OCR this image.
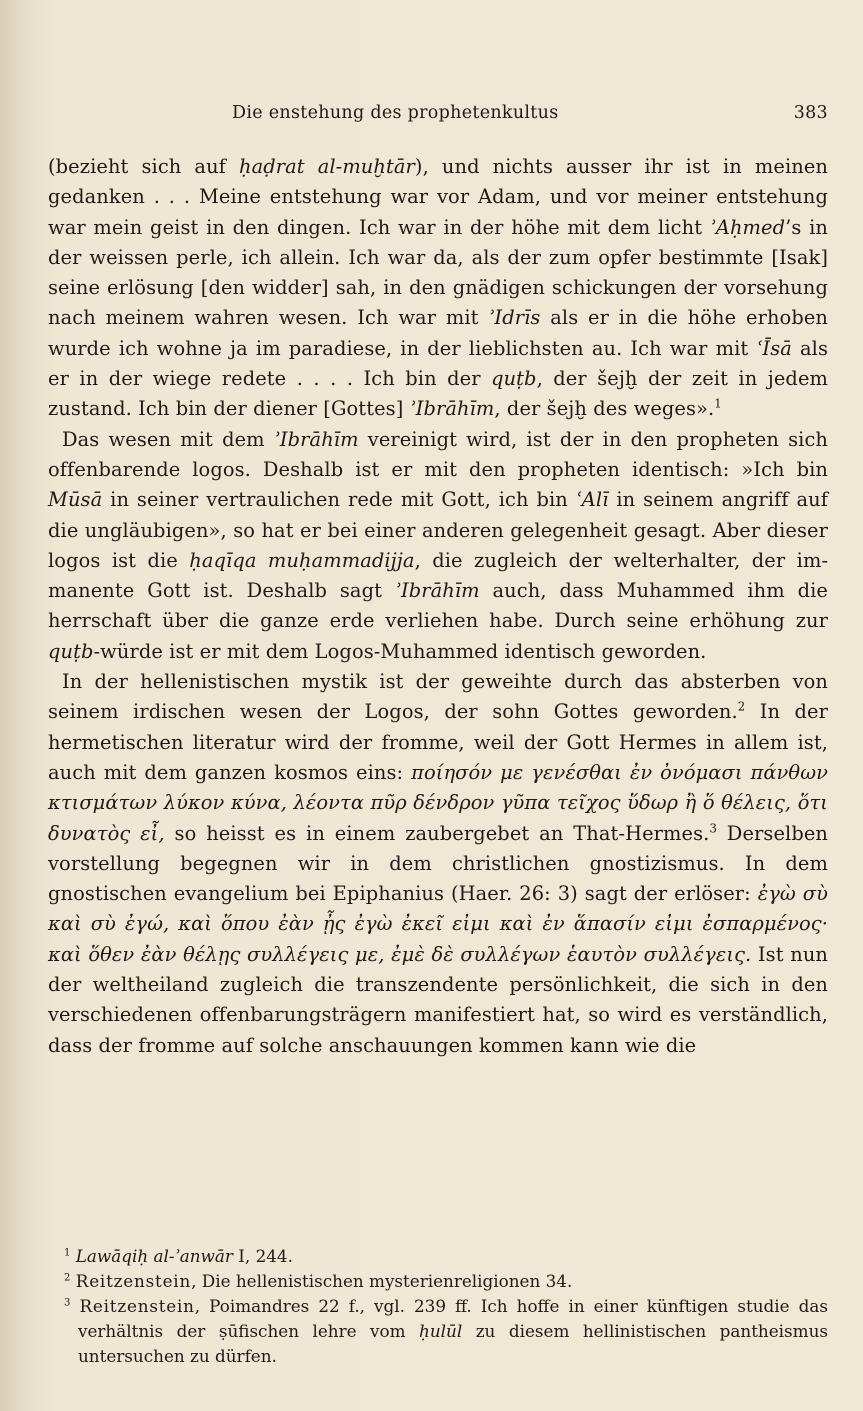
Die enstehung des prophetenkultus	383

(bezieht sich auf ḥaḍrat al-muḫtār), und nichts ausser ihr ist in meinen gedanken . . . Meine entstehung war vor Adam, und vor meiner entstehung war mein geist in den dingen. Ich war in der höhe mit dem licht ʾAḥmed’s in der weissen perle, ich allein. Ich war da, als der zum opfer bestimmte [Isak] seine erlösung [den widder] sah, in den gnädigen schickungen der vorsehung nach meinem wahren wesen. Ich war mit ʾIdrīs als er in die höhe erhoben wurde ich wohne ja im paradiese, in der lieblichsten au. Ich war mit ʿĪsā als er in der wiege redete . . . . Ich bin der quṭb, der šejḫ der zeit in jedem zustand. Ich bin der diener [Gottes] ʾIbrāhīm, der šejḫ des weges».$^1$

Das wesen mit dem ʾIbrāhīm vereinigt wird, ist der in den propheten sich offenbarende logos. Deshalb ist er mit den propheten identisch: »Ich bin Mūsā in seiner vertraulichen rede mit Gott, ich bin ʿAlī in seinem angriff auf die ungläubigen», so hat er bei einer anderen gelegenheit gesagt. Aber dieser logos ist die ḥaqīqa muḥammadijja, die zugleich der welterhalter, der immanente Gott ist. Deshalb sagt ʾIbrāhīm auch, dass Muhammed ihm die herrschaft über die ganze erde verliehen habe. Durch seine erhöhung zur quṭb-würde ist er mit dem Logos-Muhammed identisch geworden.

In der hellenistischen mystik ist der geweihte durch das absterben von seinem irdischen wesen der Logos, der sohn Gottes geworden.$^2$ In der hermetischen literatur wird der fromme, weil der Gott Hermes in allem ist, auch mit dem ganzen kosmos eins: ποίησόν με γενέσθαι ἐν ὀνόμασι πάνθων κτισμάτων λύκον κύνα, λέοντα πῦρ δένδρον γῦπα τεῖχος ὕδωρ ἢ ὅ θέλεις, ὅτι δυνατὸς εἶ, so heisst es in einem zaubergebet an That-Hermes.$^3$ Derselben vorstellung begegnen wir in dem christlichen gnostizismus. In dem gnostischen evangelium bei Epiphanius (Haer. 26: 3) sagt der erlöser: ἐγὼ σὺ καὶ σὺ ἐγώ, καὶ ὅπου ἐὰν ᾖς ἐγὼ ἐκεῖ εἰμι καὶ ἐν ἅπασίν εἰμι ἐσπαρμένος· καὶ ὅθεν ἐὰν θέλῃς συλλέγεις με, ἐμὲ δὲ συλλέγων ἑαυτὸν συλλέγεις. Ist nun der weltheiland zugleich die transzendente persönlichkeit, die sich in den verschiedenen offenbarungsträgern manifestiert hat, so wird es verständlich, dass der fromme auf solche anschauungen kommen kann wie die

$^1$ Lawāqiḥ al-ʾanwār I, 244.

$^2$ Reitzenstein, Die hellenistischen mysterienreligionen 34.

$^3$ Reitzenstein, Poimandres 22 f., vgl. 239 ff. Ich hoffe in einer künftigen studie das verhältnis der ṣūfischen lehre vom ḥulūl zu diesem hellinistischen pantheismus untersuchen zu dürfen.
